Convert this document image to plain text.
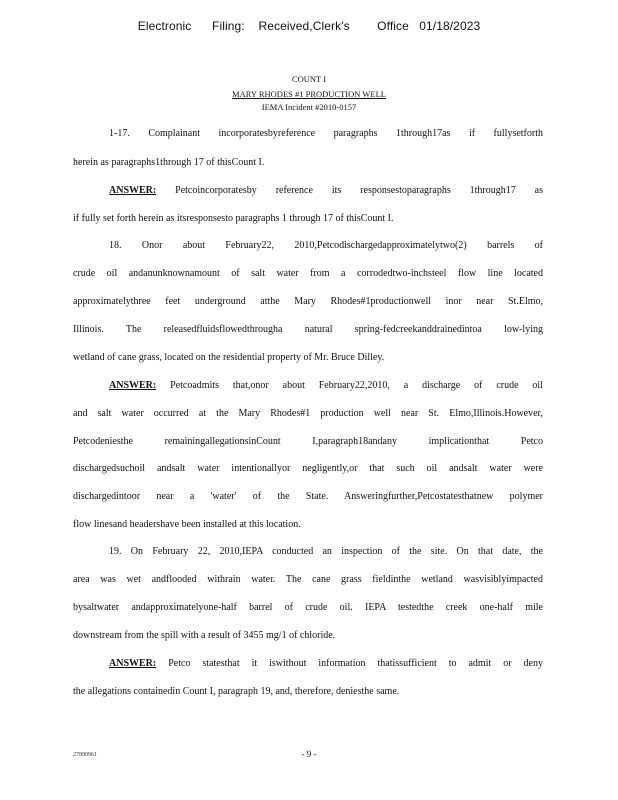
Electronic      Filing:    Received,Clerk's        Office   01/18/2023
COUNT I
MARY RHODES #1 PRODUCTION WELL
IEMA Incident #2010-0157
1-17. Complainant incorporatesbyreference paragraphs 1through17as if fullysetforth
herein as paragraphs1through 17 of thisCount I.
ANSWER: Petcoincorporatesby reference its responsestoparagraphs 1through17 as
if fully set forth herein as itsresponsesto paragraphs 1 through 17 of thisCount I.
18. Onor about February22, 2010,Petcodischargedapproximatelytwo(2) barrels of
crude oil andanunknownamount of salt water from a corrodedtwo-inchsteel flow line located
approximatelythree feet underground atthe Mary Rhodes#1productionwell inor near St.Elmo,
Illinois. The releasedfluidsflowedthrougha natural spring-fedcreekanddrainedintoa low-lying
wetland of cane grass, located on the residential property of Mr. Bruce Dilley.
ANSWER: Petcoadmits that,onor about February22,2010, a discharge of crude oil
and salt water occurred at the Mary Rhodes#1 production well near St. Elmo,Illinois.However,
Petcodeniesthe remainingallegationsinCount I,paragraph18andany implicationthat Petco
dischargedsuchoil andsalt water intentionallyor negligently,or that such oil andsalt water were
dischargedintoor near a 'water' of the State. Answeringfurther,Petcostatesthatnew polymer
flow linesand headershave been installed at this location.
19. On February 22, 2010,IEPA conducted an inspection of the site. On that date, the
area was wet andflooded withrain water. The cane grass fieldinthe wetland wasvisiblyimpacted
bysaltwater andapproximatelyone-half barrel of crude oil. IEPA testedthe creek one-half mile
downstream from the spill with a result of 3455 mg/1 of chloride.
ANSWER: Petco statesthat it iswithout information thatissufficient to admit or deny
the allegations containedin Count I, paragraph 19, and, therefore, deniesthe same.
27890961	- 9 -
